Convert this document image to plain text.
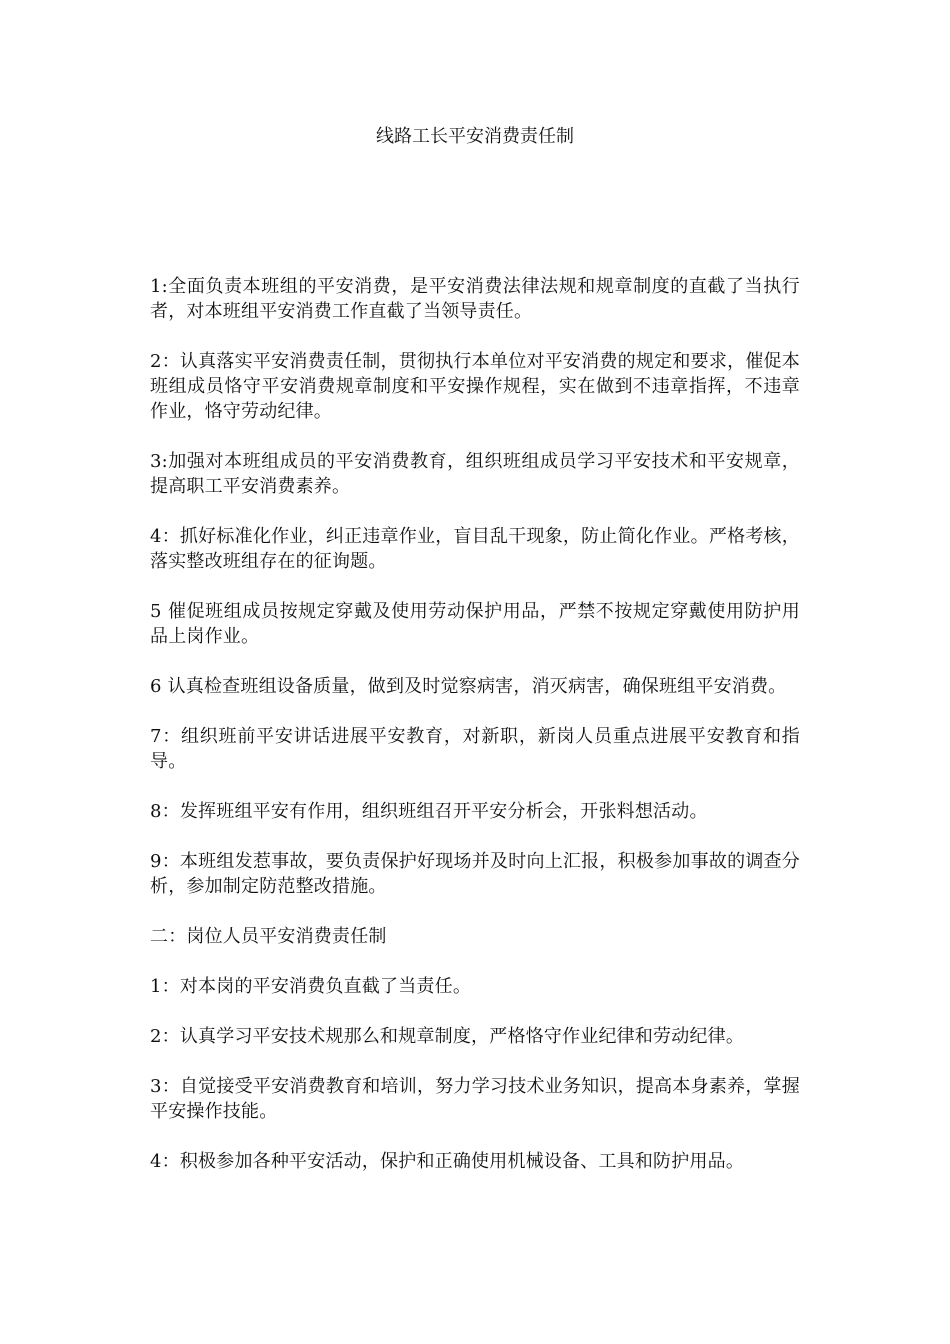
线路工长平安消费责任制

1:全面负责本班组的平安消费，是平安消费法律法规和规章制度的直截了当执行者，对本班组平安消费工作直截了当领导责任。

2：认真落实平安消费责任制，贯彻执行本单位对平安消费的规定和要求，催促本班组成员恪守平安消费规章制度和平安操作规程，实在做到不违章指挥，不违章作业，恪守劳动纪律。

3:加强对本班组成员的平安消费教育，组织班组成员学习平安技术和平安规章，提高职工平安消费素养。

4：抓好标准化作业，纠正违章作业，盲目乱干现象，防止简化作业。严格考核，落实整改班组存在的征询题。

5 催促班组成员按规定穿戴及使用劳动保护用品，严禁不按规定穿戴使用防护用品上岗作业。

6 认真检查班组设备质量，做到及时觉察病害，消灭病害，确保班组平安消费。

7：组织班前平安讲话进展平安教育，对新职，新岗人员重点进展平安教育和指导。

8：发挥班组平安有作用，组织班组召开平安分析会，开张料想活动。

9：本班组发惹事故，要负责保护好现场并及时向上汇报，积极参加事故的调查分析，参加制定防范整改措施。

二：岗位人员平安消费责任制

1：对本岗的平安消费负直截了当责任。

2：认真学习平安技术规那么和规章制度，严格恪守作业纪律和劳动纪律。

3：自觉接受平安消费教育和培训，努力学习技术业务知识，提高本身素养，掌握平安操作技能。

4：积极参加各种平安活动，保护和正确使用机械设备、工具和防护用品。
